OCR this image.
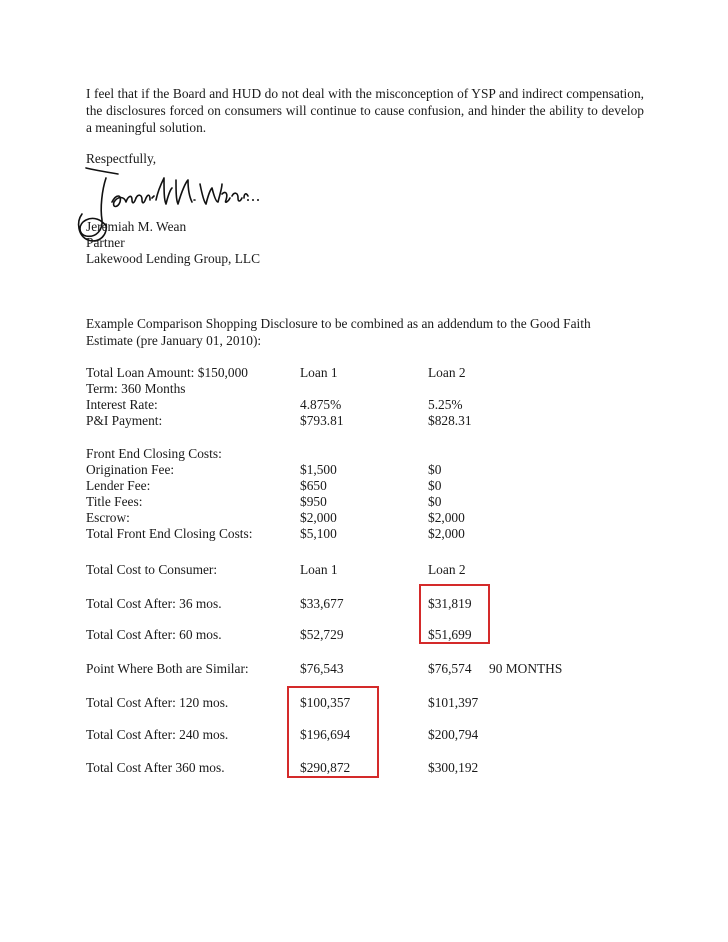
I feel that if the Board and HUD do not deal with the misconception of YSP and indirect compensation, the disclosures forced on consumers will continue to cause confusion, and hinder the ability to develop a meaningful solution.

Respectfully,
Jeremiah M. Wean
Partner
Lakewood Lending Group, LLC
Example Comparison Shopping Disclosure to be combined as an addendum to the Good Faith
Estimate (pre January 01, 2010):
Total Loan Amount: $150,000	Loan 1	Loan 2
Term: 360 Months
Interest Rate:	4.875%	5.25%
P&I Payment:	$793.81	$828.31
Front End Closing Costs:
Origination Fee:	$1,500	$0
Lender Fee:	$650	$0
Title Fees:	$950	$0
Escrow:	$2,000	$2,000
Total Front End Closing Costs:	$5,100	$2,000
Total Cost to Consumer:	Loan 1	Loan 2
Total Cost After: 36 mos.	$33,677	$31,819
Total Cost After: 60 mos.	$52,729	$51,699
Point Where Both are Similar:	$76,543	$76,574 90 MONTHS
Total Cost After: 120 mos.	$100,357	$101,397
Total Cost After: 240 mos.	$196,694	$200,794
Total Cost After 360 mos.	$290,872	$300,192
